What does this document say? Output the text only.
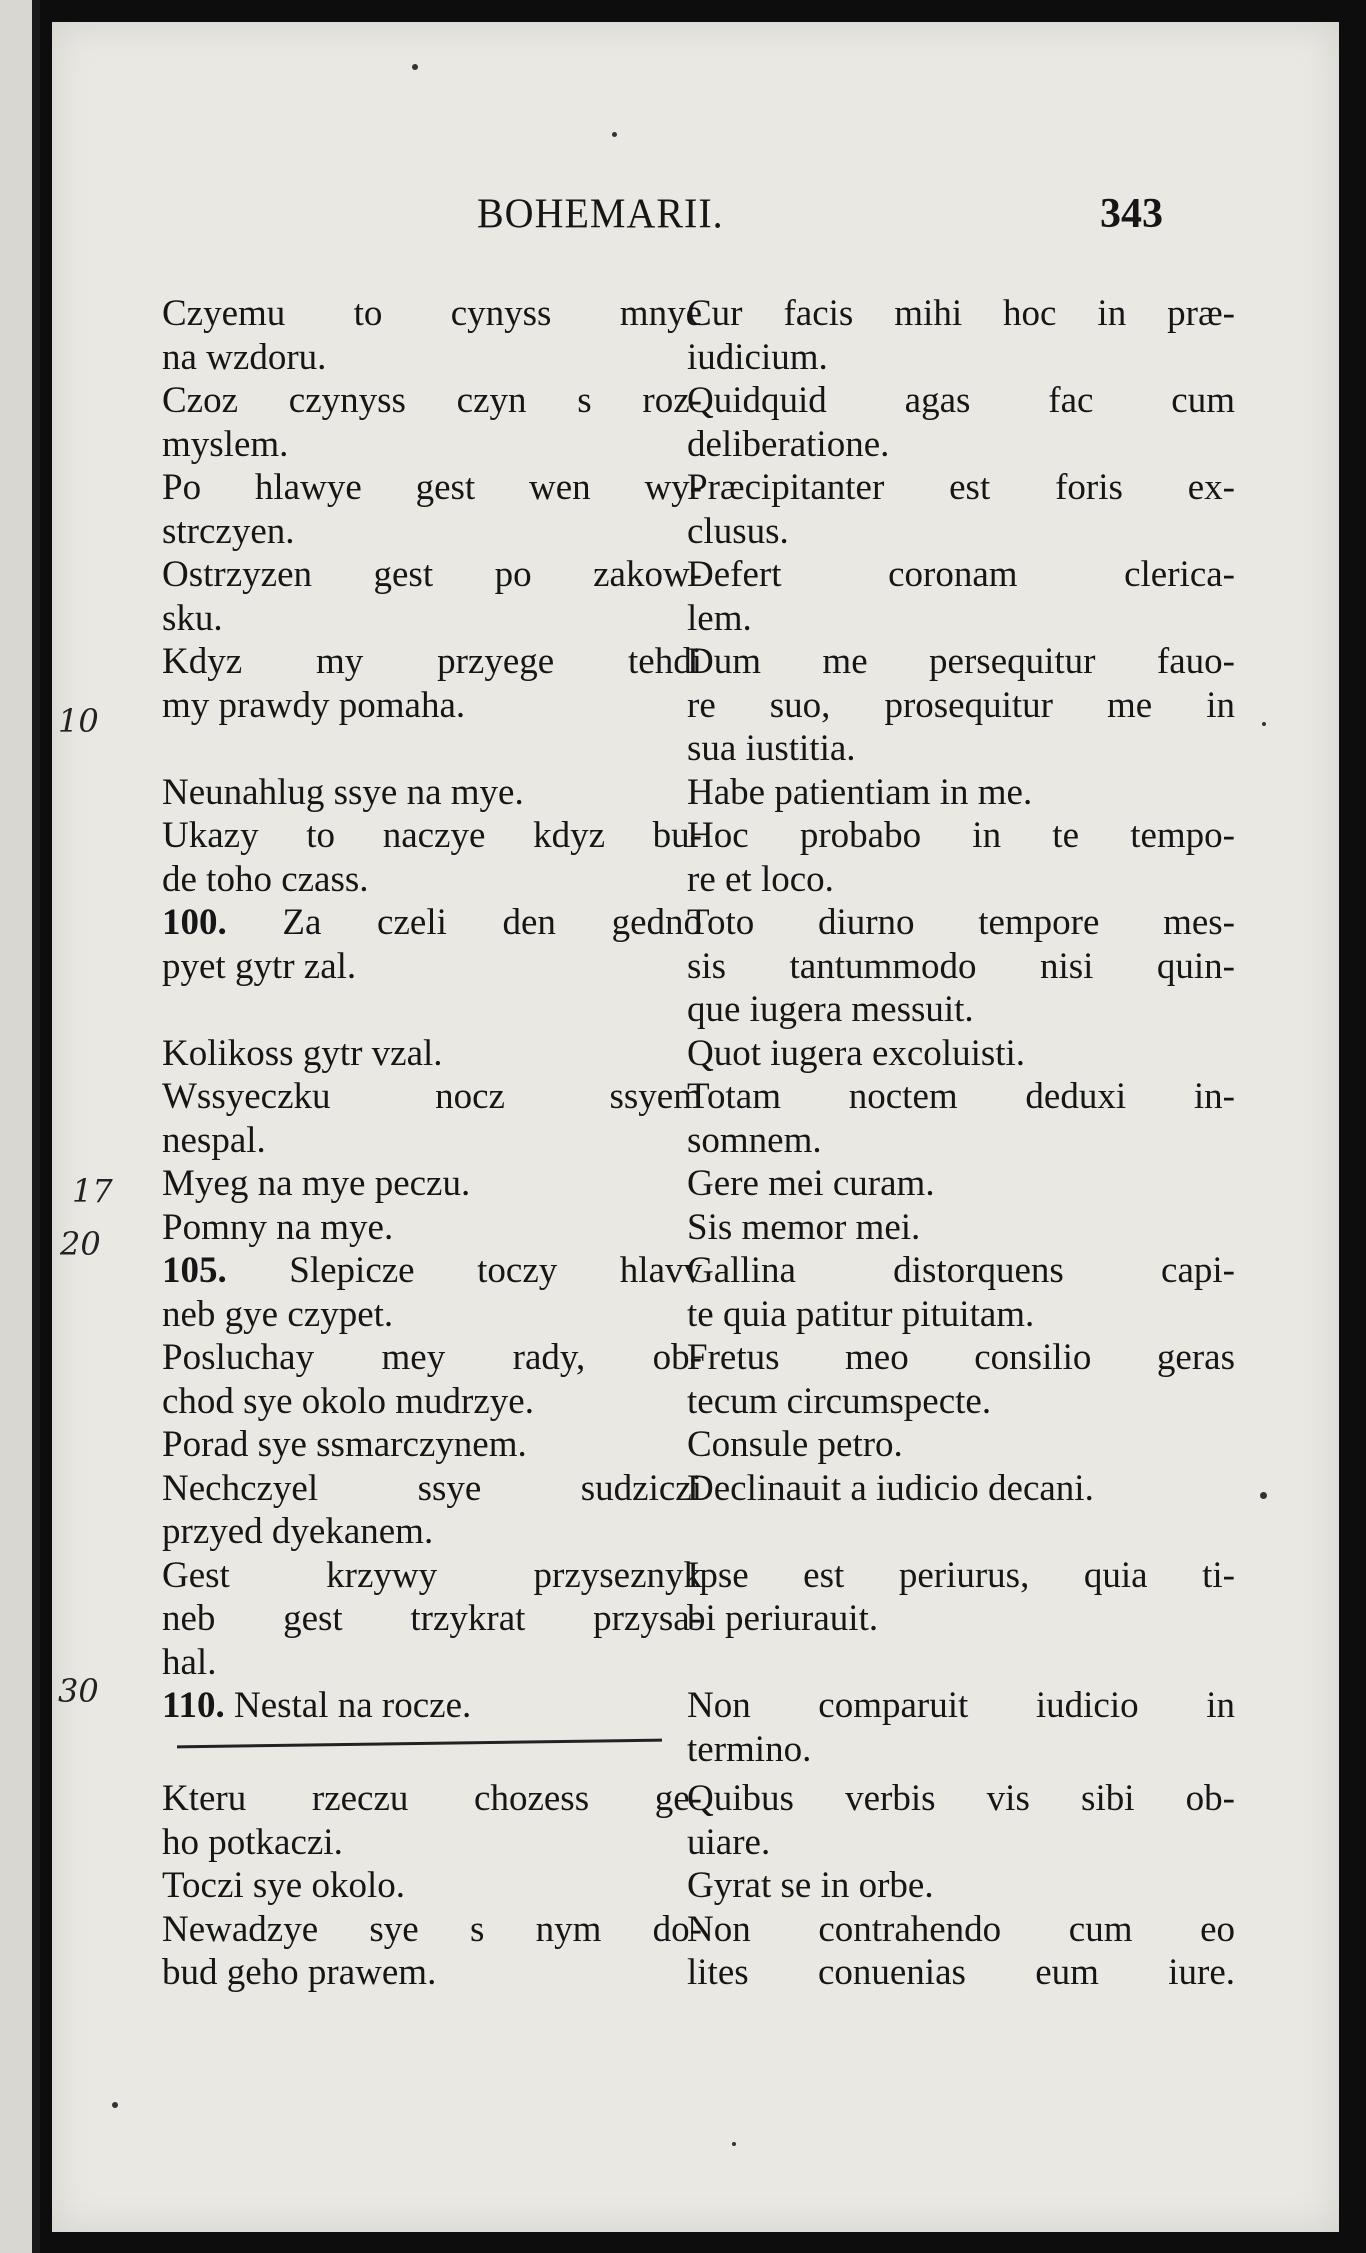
BOHEMARII.	343
10
17
20
30
Czyemu to cynyss mnye
na wzdoru.
Czoz czynyss czyn s roz-
myslem.
Po hlawye gest wen wy-
strczyen.
Ostrzyzen gest po zakow-
sku.
Kdyz my przyege tehdi
my prawdy pomaha.
Neunahlug ssye na mye.
Ukazy to naczye kdyz bu-
de toho czass.
100. Za czeli den gedno
pyet gytr zal.
Kolikoss gytr vzal.
Wssyeczku nocz ssyem
nespal.
Myeg na mye peczu.
Pomny na mye.
105. Slepicze toczy hlavv
neb gye czypet.
Posluchay mey rady, ob-
chod sye okolo mudrzye.
Porad sye ssmarczynem.
Nechczyel ssye sudziczi
przyed dyekanem.
Gest krzywy przyseznyk
neb gest trzykrat przysa-
hal.
110. Nestal na rocze.
Kteru rzeczu chozess ge-
ho potkaczi.
Toczi sye okolo.
Newadzye sye s nym do-
bud geho prawem.
Cur facis mihi hoc in præ-
iudicium.
Quidquid agas fac cum
deliberatione.
Præcipitanter est foris ex-
clusus.
Defert coronam clerica-
lem.
Dum me persequitur fauo-
re suo, prosequitur me in
sua iustitia.
Habe patientiam in me.
Hoc probabo in te tempo-
re et loco.
Toto diurno tempore mes-
sis tantummodo nisi quin-
que iugera messuit.
Quot iugera excoluisti.
Totam noctem deduxi in-
somnem.
Gere mei curam.
Sis memor mei.
Gallina distorquens capi-
te quia patitur pituitam.
Fretus meo consilio geras
tecum circumspecte.
Consule petro.
Declinauit a iudicio decani.
Ipse est periurus, quia ti-
bi periurauit.
Non comparuit iudicio in
termino.
Quibus verbis vis sibi ob-
uiare.
Gyrat se in orbe.
Non contrahendo cum eo
lites conuenias eum iure.
